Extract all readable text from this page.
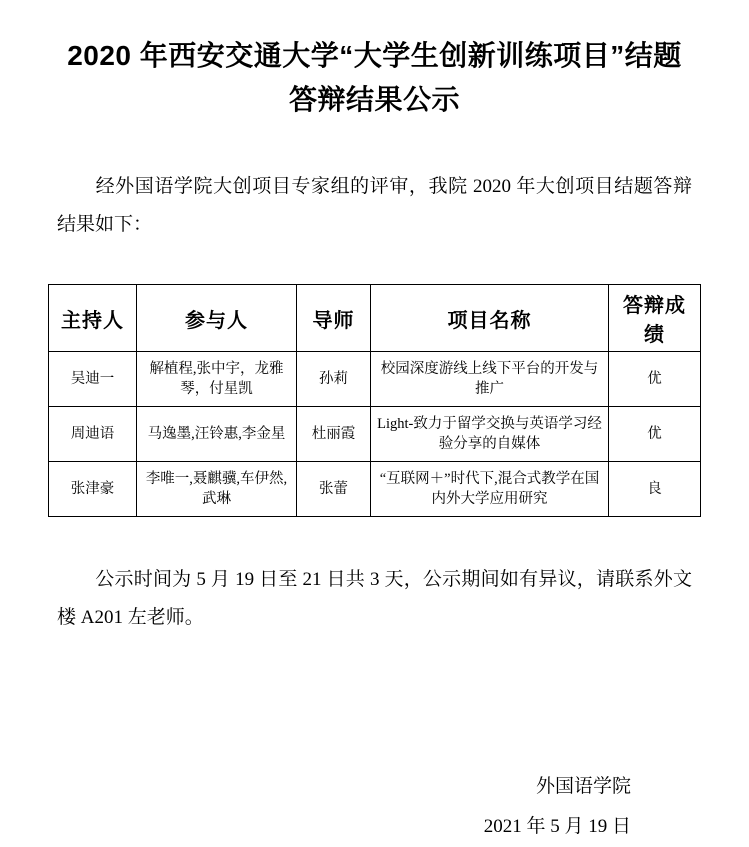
2020 年西安交通大学“大学生创新训练项目”结题答辩结果公示

经外国语学院大创项目专家组的评审，我院 2020 年大创项目结题答辩结果如下：

主持人	参与人	导师	项目名称	答辩成绩
吴迪一	解植程,张中宇，龙雅琴，付星凯	孙莉	校园深度游线上线下平台的开发与推广	优
周迪语	马逸墨,汪铃惠,李金星	杜丽霞	Light-致力于留学交换与英语学习经验分享的自媒体	优
张津豪	李唯一,聂麒骥,车伊然,武琳	张蕾	“互联网＋”时代下,混合式教学在国内外大学应用研究	良

公示时间为 5 月 19 日至 21 日共 3 天，公示期间如有异议，请联系外文楼 A201 左老师。

外国语学院
2021 年 5 月 19 日
